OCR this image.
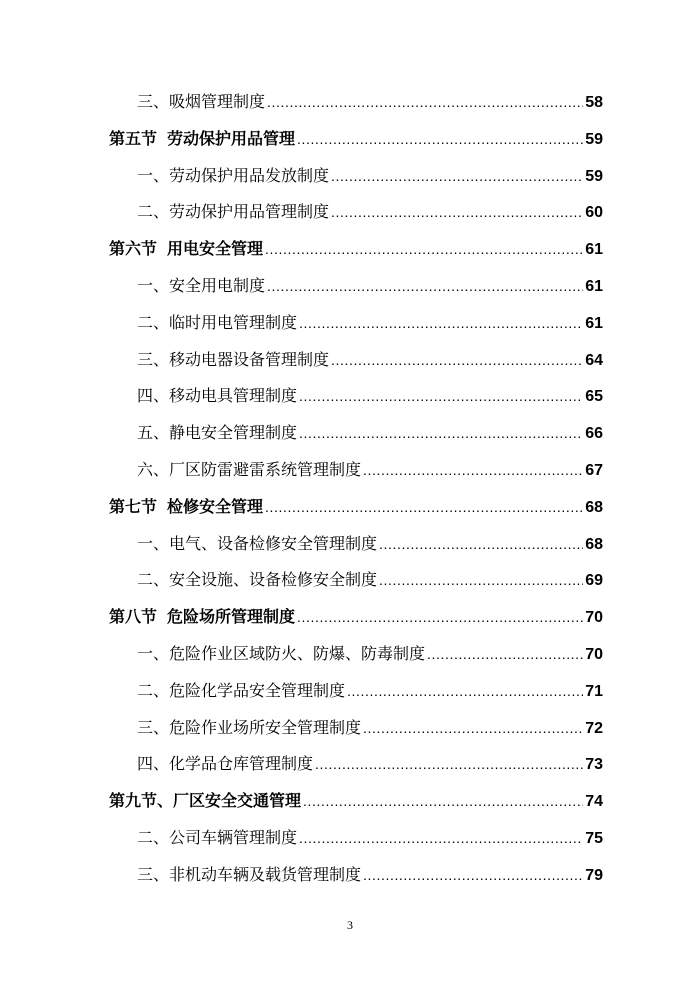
三、吸烟管理制度 .....	58
第五节 劳动保护用品管理 .....	59
一、劳动保护用品发放制度 .....	59
二、劳动保护用品管理制度 .....	60
第六节 用电安全管理 .....	61
一、安全用电制度 .....	61
二、临时用电管理制度 .....	61
三、移动电器设备管理制度 .....	64
四、移动电具管理制度 .....	65
五、静电安全管理制度 .....	66
六、厂区防雷避雷系统管理制度 .....	67
第七节 检修安全管理 .....	68
一、电气、设备检修安全管理制度 .....	68
二、安全设施、设备检修安全制度 .....	69
第八节 危险场所管理制度 .....	70
一、危险作业区域防火、防爆、防毒制度 .....	70
二、危险化学品安全管理制度 .....	71
三、危险作业场所安全管理制度 .....	72
四、化学品仓库管理制度 .....	73
第九节、厂区安全交通管理 .....	74
二、公司车辆管理制度 .....	75
三、非机动车辆及载货管理制度 .....	79
3
